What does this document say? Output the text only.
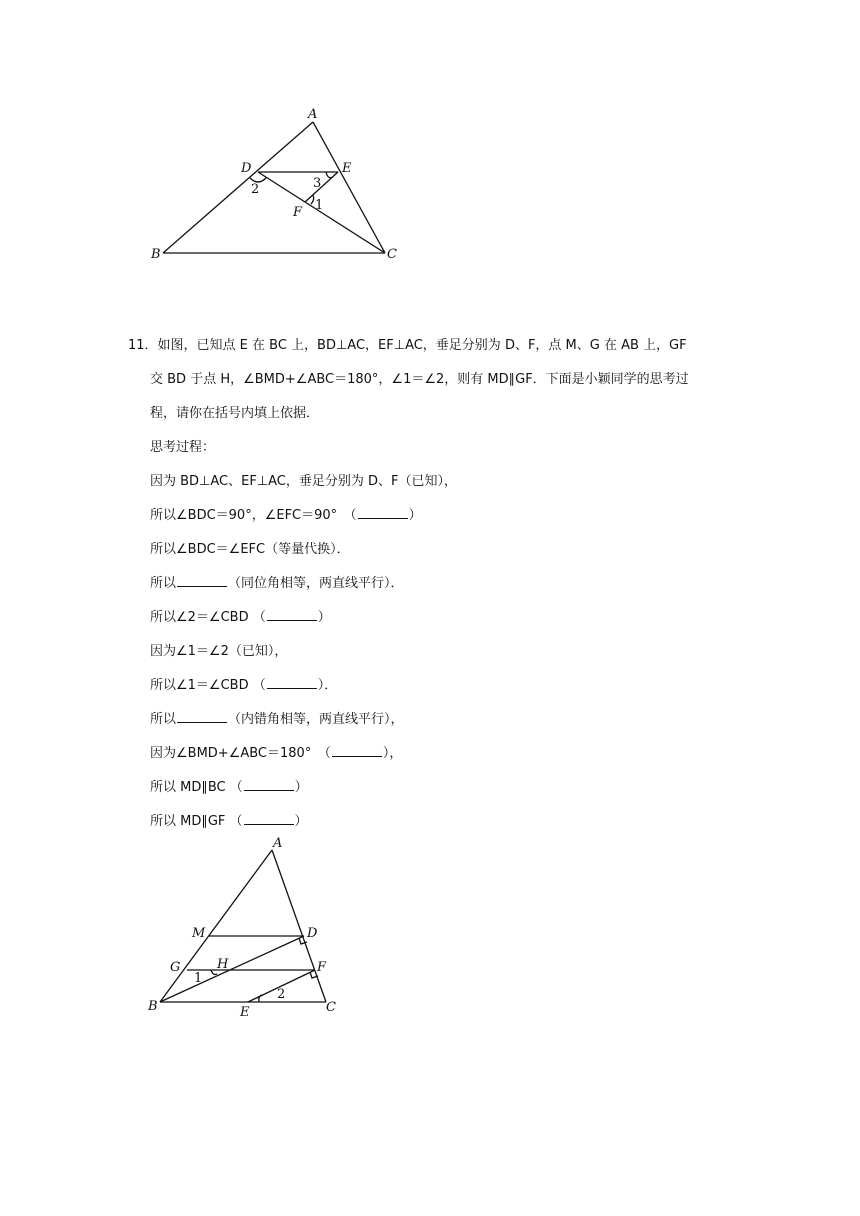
A
B	C
D	E
F
2	3
1
11．如图，已知点 E 在 BC 上，BD⊥AC，EF⊥AC，垂足分别为 D、F，点 M、G 在 AB 上，GF
交 BD 于点 H，∠BMD+∠ABC＝180°，∠1＝∠2，则有 MD∥GF．下面是小颖同学的思考过
程，请你在括号内填上依据．
思考过程：
因为 BD⊥AC、EF⊥AC，垂足分别为 D、F（已知），
所以∠BDC＝90°，∠EFC＝90°　（	）
所以∠BDC＝∠EFC（等量代换）．
所以	（同位角相等，两直线平行）．
所以∠2＝∠CBD （	）
因为∠1＝∠2（已知），
所以∠1＝∠CBD （	）．
所以	（内错角相等，两直线平行），
因为∠BMD+∠ABC＝180°　（	），
所以 MD∥BC （	）
所以 MD∥GF （	）
A
B	C
D
E
F
G	H
M
1
2
